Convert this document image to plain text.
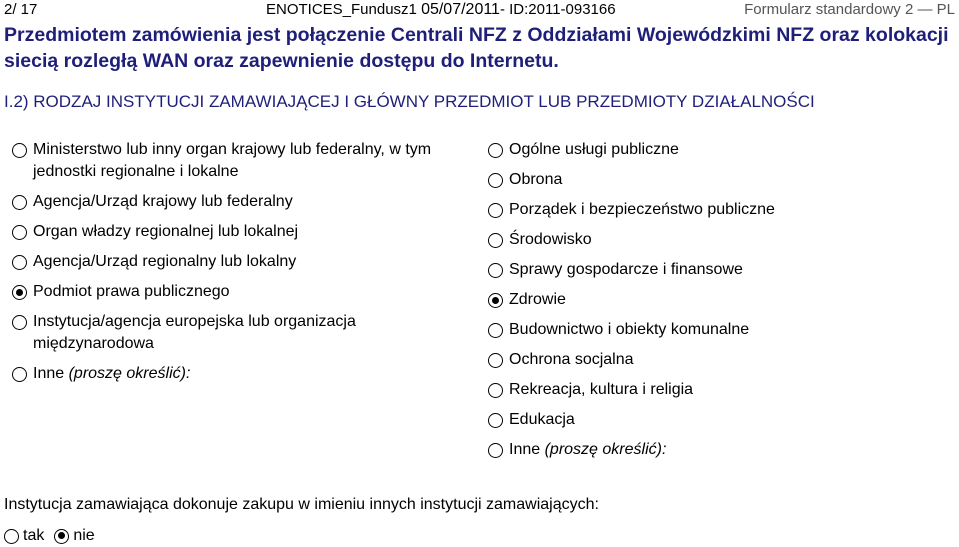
2/ 17	ENOTICES_Fundusz1 05/07/2011- ID:2011-093166	Formularz standardowy 2 — PL
Przedmiotem zamówienia jest połączenie Centrali NFZ z Oddziałami Wojewódzkimi NFZ oraz kolokacji siecią rozległą WAN oraz zapewnienie dostępu do Internetu.
I.2) RODZAJ INSTYTUCJI ZAMAWIAJĄCEJ I GŁÓWNY PRZEDMIOT LUB PRZEDMIOTY DZIAŁALNOŚCI
Ministerstwo lub inny organ krajowy lub federalny, w tym jednostki regionalne i lokalne
Agencja/Urząd krajowy lub federalny
Organ władzy regionalnej lub lokalnej
Agencja/Urząd regionalny lub lokalny
Podmiot prawa publicznego
Instytucja/agencja europejska lub organizacja międzynarodowa
Inne (proszę określić):
Ogólne usługi publiczne
Obrona
Porządek i bezpieczeństwo publiczne
Środowisko
Sprawy gospodarcze i finansowe
Zdrowie
Budownictwo i obiekty komunalne
Ochrona socjalna
Rekreacja, kultura i religia
Edukacja
Inne (proszę określić):
Instytucja zamawiająca dokonuje zakupu w imieniu innych instytucji zamawiających:
tak nie
